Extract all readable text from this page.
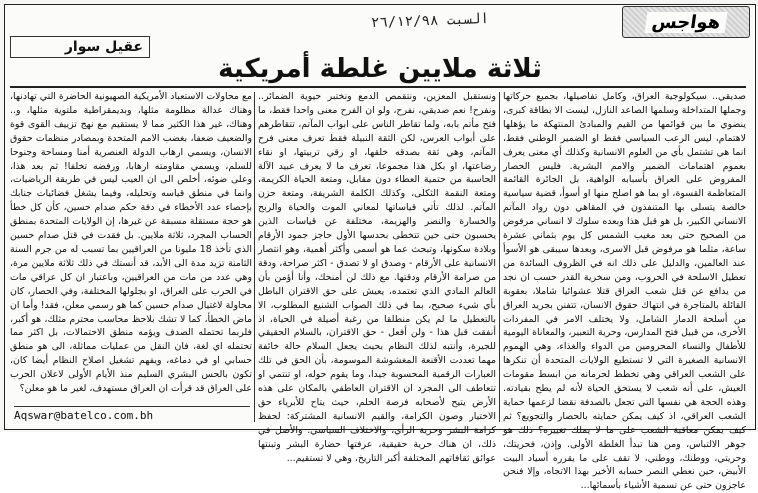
هواجس
السبت ٢٦/١٢/٩٨
عقيل سوار
ثلاثة ملايين غلطة أمريكية

صديقي.. سيكولوجية العراق، وكامل تفاصيلها، بجميع حركاتها وجملها المتداخلة وسلمها الصاعد النازل، ليست الا بطاقة كبرى، ينضوي ما بين قوائمها من القيم والمبادئ المنتهكة ما يؤهلها لاهتمام، ليس الرعب السياسي فقط او الضمير الوطني فقط، انما هي تشتمل بأي من العلوم الانسانية وكذلك أي معنى يعرف بعموم اهتمامات الضمير والامم البشرية. فليس الحصار المفروض على العراق بأسبابه الواهية، بل الجائرة القائمة المتعاظمة القسوة، او بما هو اصلح منها او أسوأ، قضية سياسية خالصة يتسلى بها المتنفذون في المقاهي دون رواد المآتم الانساني الكبير، بل هو قبل هذا وبعده سلوك لا انساني مرفوض من الصحيح حتى بعد مغيب الشمس كل يوم بثماني عشرة ساعة، مثلما هو مرفوض قبل الاسرى، وبعدها سيبقى هو الأسوأ عند العالمين، والدليل على ذلك انه في الظروف السائدة من تعطيل الاسلحة في الحروب، ومن سخرية القدر حسب ان نجد من يدافع عن قتل شعب العراق قتلا عشوائيا شاملا، بعقوبة القائلة بالمتاجرة في انتهاك حقوق الانسان، تتفنن بجريد العراق من أسلحة الدمار الشامل، ولا يختلف الامر في المفردات الأخرى، من قبيل فتح المدارس، وحرية التعبير، والمعاناة اليومية للأطفال والنساء المحرومين من الدواء والغذاء، وهي الهموم الانسانية الصغيرة التي لا تستطيع الولايات المتحدة أن تنكرها على الشعب العراقي وهي تخطط لحرمانه من ابسط مقومات العيش، على أنه شعب لا يستحق الحياة لأنه لم يطح بقيادته. وهذه الحجة هي نفسها التي تجعل بالصدفة نقضا لزعمها حماية الشعب العراقي، اذ كيف يمكن حمايته بالحصار والتجويع؟ ثم كيف يمكن معاقبة الشعب على ما لا يملك تغييره؟ ذلك هو جوهر الالتباس، ومن هنا تبدأ الغلطة الأولى. وإذن، فحريتك، وحريتي، ووطنك، ووطني، لا تقف على ما يقرره أسياد البيت الأبيض، حين نعطي النصر حسابه الأخير بهذا الاتجاه، وإلا فنحن عاجزون حتى عن تسمية الأشياء بأسمائها...

ونستقبل المعزين، ونتقمص الدمع ونختبر حيوية الضمائر.. ونفرح! نعم صديقي، نفرح، ولو ان الفرح معنى واحدا فقط، ما فتح مأتم بابه، ولما تقاطر الناس على ابواب المآتم، تتقاطرهم على أبواب العرس، لكن الثقة النبيلة فقط تعرف معنى فرح المآتم، وهي ثقة بصدقه خلقها، او رقي تربيتها، او نقاء رضاعتها، او بكل هذا مجموعا، تعرف ما لا يعرف عبيد الآلة الحاسبة من حتمية العطاء دون مقابل، ومتعة الحياة الكريمة، ومتعة النقمة الثكلى، وكذلك الكلمة الشريفة، ومتعة حزن المآتم. لذلك تأتي قياساتها لمعاني الموت والحياة والربح والخسارة والنصر والهزيمة، مختلفة عن قياسات الذين يحسبون حتى حين تتخطى بحدسها الأول حاجز جمود الأرقام وبلادة سكونها، وتبحث عما هو أسمى وأكثر أهمية، وهو انتصار الانسانية على الأرقام - وصدق او لا تصدق - اكثر صراحة، ودقة من صرامة الأرقام ودقتها. مع ذلك لن أمنحك، وأنا أؤمن بأن العالم المادي الذي تعتمده، يعيش على حق الاقتران الباطل بأي شيء صحيح، بما في ذلك الصواب الشنيع المطلوب، الا بالتعطيل ما لم يكن منطلقا من رغبة أصيلة في الحياة، اذ أنفقت قبل هذا - ولن أفعل - حق الاقتران، بالسلام الحقيقي للجيرة، وأنتبه لذلك النظام بحيث يجعل السلام حالة خائفة مهما تعددت الأقنعة المغشوشة الموسومة، بأن الحق في تلك العبارات الرقمية المحسوبة جيدا، وما يقوم حوله، او تنتمي او تتعاطف الى المجرد ان الاقتران العاطفي بالمكان على هذه الأرض يتيح لأصحابه فرصة الحلم، حيث يتاح للأبرياء حق الاختيار وصون الكرامة، والقيم الانسانية المشتركة: لحفظ كرامة البشر وحرية الرأي، والاختلاف السياسي. والأصل في ذلك، ان هناك حرية حقيقية، عرفتها حضارة البشر وتبنتها عوائق ثقافاتهم المختلفة أكبر التاريخ، وهي لا تستقيم...

مع محاولات الاستعباد الأمريكية الصهيونية الحاضرة التي تهادنها، وهناك عدالة مظلومة مثلها، وبديمقراطية ملتوية مثلها، و.. وهناك، غير هذا الكثير مما لا يستقيم مع نهج تزييف القوى قوة والضعيف ضعفا، بغضب الامم المتحدة وبمصادر منظمات حقوق الانسان، ويسمي ارهاب الدولة العنصرية أمنا ومساحة وجنوحا للسلم، ويسمي مقاومته ارهابا، ورفضه تخلفا! ثم بعد هذا، وعلى ضوئه، أخلص الى ان العيب ليس في طريقة الرياضيات، وانما في منطق قياسه وتحليله، وفيما يشغل فضائيات جنابك بإحصاء عدد الأخطاء في دفة حكم صدام حسين، كأن كل خطأ هو حجة مستقلة مسبقة عن غيرها، إن الولايات المتحدة بمنطق الحساب المجرد، ثلاثة ملايين. بل فقدت في قتل صدام حسين الذي تأخذ 18 مليونا من العراقيين بما تسبب له من جرم السنة الثامنة تزيد مدة الى الأبد، قد أنستك في ذلك ثلاثة ملايين مرة، وهي عدد من مات من العراقيين، وباعتبار ان كل عراقي مات في الحرب على العراق، او بجلولها المختلفة، وفي الحصار، كان محاولة لاغتيال صدام حسين كما هو رسمي معلن، فقد! وأما ان ماض الخطأ، كما لا تشك بلاحظ محاسب محترم مثلك، هو أكبر، فلربما تحتمله الصدف ويؤمه منطق الاحتمالات، بل اكثر مما تحتمله اي لغة، فان النقل من عمليات مماثلة، الى هو منطق حسابي او في دماغه، ويفهم تشغيل اصلاح النظام أيضا كان، تكون بالحس البشري السليم منذ الأيام الأولى لاعلان الحرب على العراق قد قرأت ان العراق مستهدف، لغير ما هو معلن؟

Aqswar@batelco.com.bh
